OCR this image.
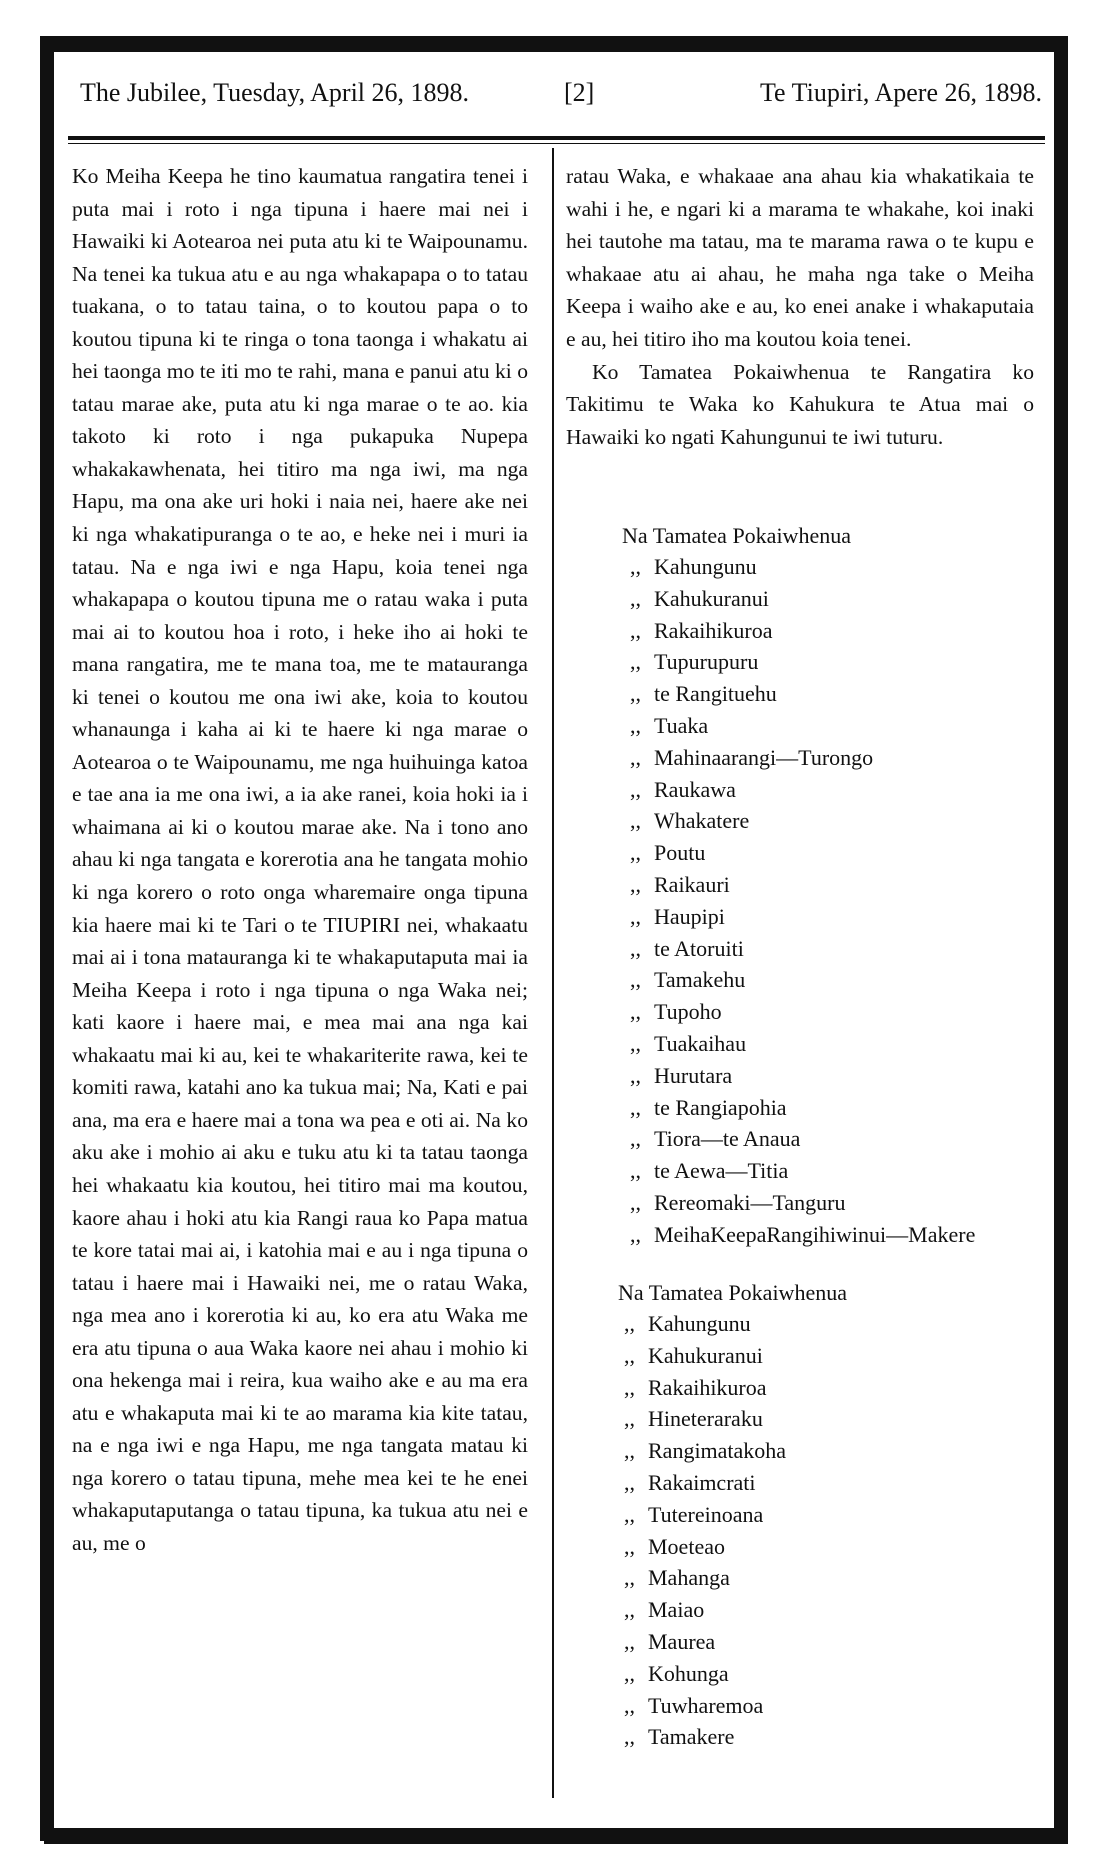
The Jubilee, Tuesday, April 26, 1898.	[2]	Te Tiupiri, Apere 26, 1898.
Ko Meiha Keepa he tino kaumatua rangatira tenei i puta mai i roto i nga tipuna i haere mai nei i Hawaiki ki Aotearoa nei puta atu ki te Waipounamu. Na tenei ka tukua atu e au nga whakapapa o to tatau tuakana, o to tatau taina, o to koutou papa o to koutou tipuna ki te ringa o tona taonga i whakatu ai hei taonga mo te iti mo te rahi, mana e panui atu ki o tatau marae ake, puta atu ki nga marae o te ao. kia takoto ki roto i nga pukapuka Nupepa whakakawhenata, hei titiro ma nga iwi, ma nga Hapu, ma ona ake uri hoki i naia nei, haere ake nei ki nga whakatipuranga o te ao, e heke nei i muri ia tatau. Na e nga iwi e nga Hapu, koia tenei nga whakapapa o koutou tipuna me o ratau waka i puta mai ai to koutou hoa i roto, i heke iho ai hoki te mana rangatira, me te mana toa, me te matauranga ki tenei o koutou me ona iwi ake, koia to koutou whanaunga i kaha ai ki te haere ki nga marae o Aotearoa o te Waipounamu, me nga huihuinga katoa e tae ana ia me ona iwi, a ia ake ranei, koia hoki ia i whaimana ai ki o koutou marae ake. Na i tono ano ahau ki nga tangata e korerotia ana he tangata mohio ki nga korero o roto onga wharemaire onga tipuna kia haere mai ki te Tari o te TIUPIRI nei, whakaatu mai ai i tona matauranga ki te whakaputaputa mai ia Meiha Keepa i roto i nga tipuna o nga Waka nei; kati kaore i haere mai, e mea mai ana nga kai whakaatu mai ki au, kei te whakariterite rawa, kei te komiti rawa, katahi ano ka tukua mai; Na, Kati e pai ana, ma era e haere mai a tona wa pea e oti ai. Na ko aku ake i mohio ai aku e tuku atu ki ta tatau taonga hei whakaatu kia koutou, hei titiro mai ma koutou, kaore ahau i hoki atu kia Rangi raua ko Papa matua te kore tatai mai ai, i katohia mai e au i nga tipuna o tatau i haere mai i Hawaiki nei, me o ratau Waka, nga mea ano i korerotia ki au, ko era atu Waka me era atu tipuna o aua Waka kaore nei ahau i mohio ki ona hekenga mai i reira, kua waiho ake e au ma era atu e whakaputa mai ki te ao marama kia kite tatau, na e nga iwi e nga Hapu, me nga tangata matau ki nga korero o tatau tipuna, mehe mea kei te he enei whakaputaputanga o tatau tipuna, ka tukua atu nei e au, me o

ratau Waka, e whakaae ana ahau kia whakatikaia te wahi i he, e ngari ki a marama te whakahe, koi inaki hei tautohe ma tatau, ma te marama rawa o te kupu e whakaae atu ai ahau, he maha nga take o Meiha Keepa i waiho ake e au, ko enei anake i whakaputaia e au, hei titiro iho ma koutou koia tenei.

Ko Tamatea Pokaiwhenua te Rangatira ko Takitimu te Waka ko Kahukura te Atua mai o Hawaiki ko ngati Kahungunui te iwi tuturu.

Na Tamatea Pokaiwhenua
,, Kahungunu
,, Kahukuranui
,, Rakaihikuroa
,, Tupurupuru
,, te Rangituehu
,, Tuaka
,, Mahinaarangi—Turongo
,, Raukawa
,, Whakatere
,, Poutu
,, Raikauri
,, Haupipi
,, te Atoruiti
,, Tamakehu
,, Tupoho
,, Tuakaihau
,, Hurutara
,, te Rangiapohia
,, Tiora—te Anaua
,, te Aewa—Titia
,, Rereomaki—Tanguru
,, MeihaKeepaRangihiwinui—Makere
Na Tamatea Pokaiwhenua
,, Kahungunu
,, Kahukuranui
,, Rakaihikuroa
,, Hineteraraku
,, Rangimatakoha
,, Rakaimcrati
,, Tutereinoana
,, Moeteao
,, Mahanga
,, Maiao
,, Maurea
,, Kohunga
,, Tuwharemoa
,, Tamakere
